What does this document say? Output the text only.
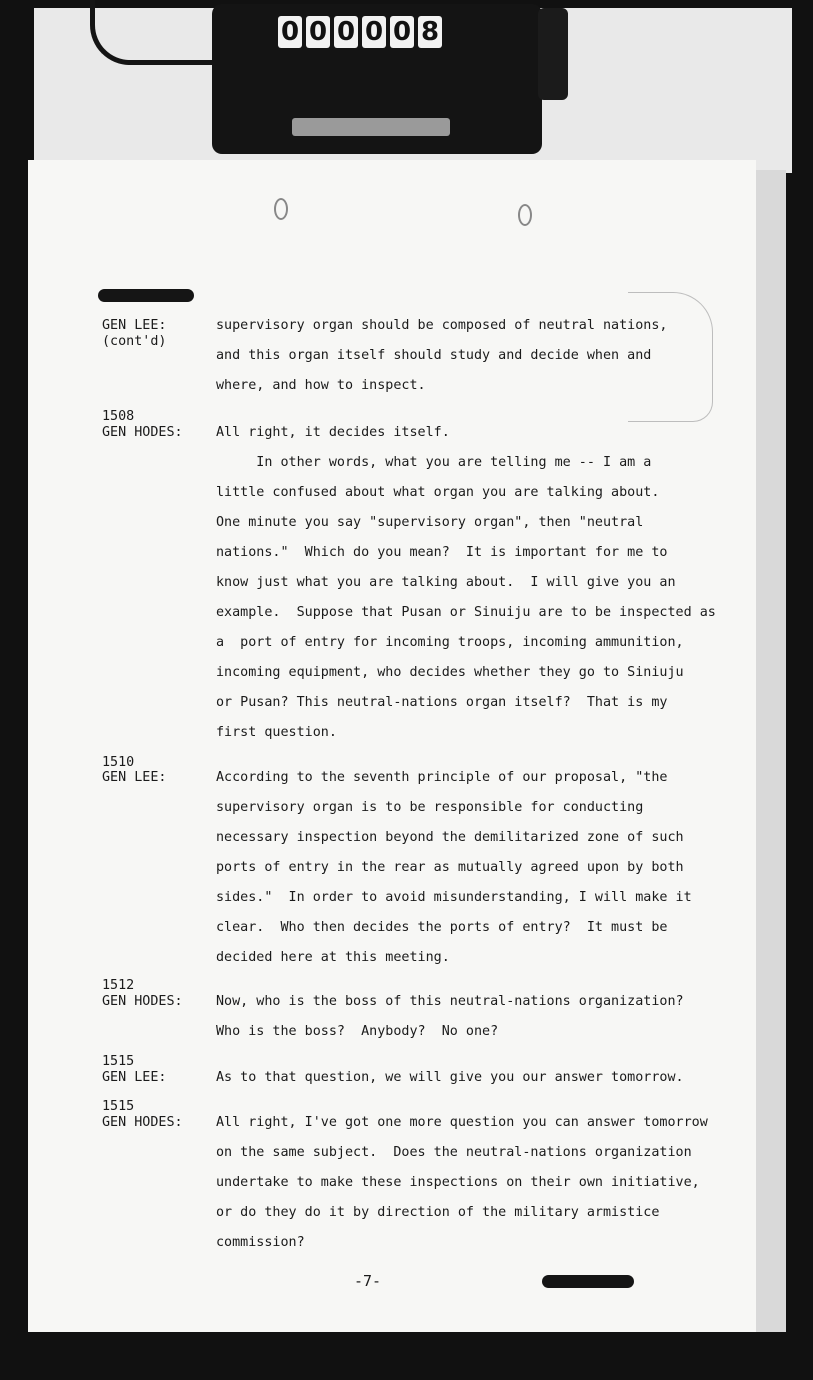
0 0 0 0 0 8
GEN LEE:
(cont'd)
supervisory organ should be composed of neutral nations,
and this organ itself should study and decide when and
where, and how to inspect.
1508
GEN HODES: All right, it decides itself.
In other words, what you are telling me -- I am a
little confused about what organ you are talking about.
One minute you say "supervisory organ", then "neutral
nations."  Which do you mean?  It is important for me to
know just what you are talking about.  I will give you an
example.  Suppose that Pusan or Sinuiju are to be inspected as
a  port of entry for incoming troops, incoming ammunition,
incoming equipment, who decides whether they go to Siniuju
or Pusan? This neutral-nations organ itself?  That is my
first question.
1510
GEN LEE:	According to the seventh principle of our proposal, "the
supervisory organ is to be responsible for conducting
necessary inspection beyond the demilitarized zone of such
ports of entry in the rear as mutually agreed upon by both
sides."  In order to avoid misunderstanding, I will make it
clear.  Who then decides the ports of entry?  It must be
decided here at this meeting.
1512
GEN HODES: Now, who is the boss of this neutral-nations organization?
Who is the boss?  Anybody?  No one?
1515
GEN LEE:	As to that question, we will give you our answer tomorrow.
1515
GEN HODES: All right, I've got one more question you can answer tomorrow
on the same subject.  Does the neutral-nations organization
undertake to make these inspections on their own initiative,
or do they do it by direction of the military armistice
commission?
-7-
